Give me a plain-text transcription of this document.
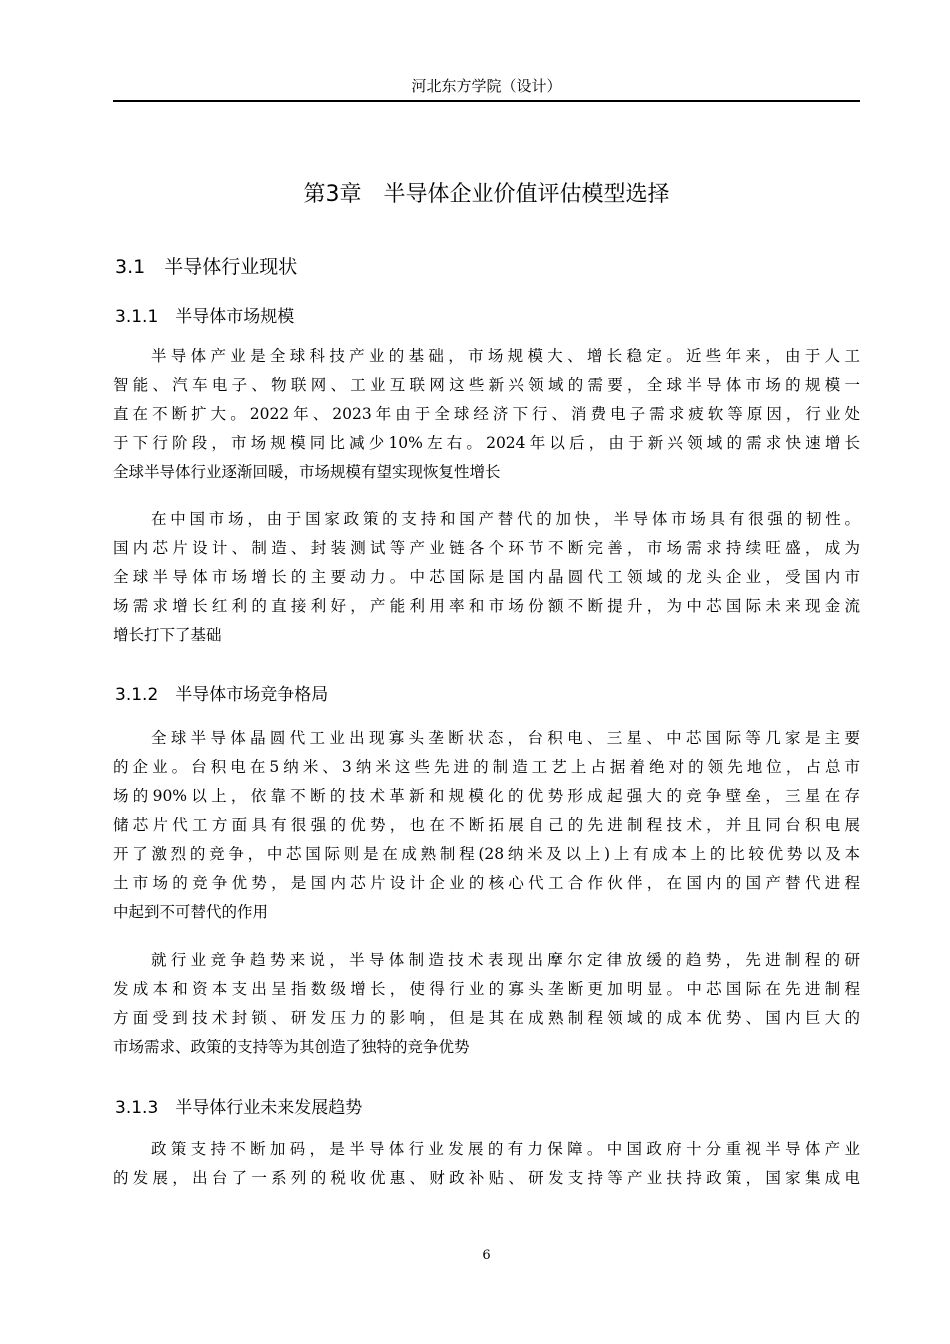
河北东方学院（设计）
第3章　半导体企业价值评估模型选择
3.1　半导体行业现状
3.1.1　半导体市场规模
半导体产业是全球科技产业的基础，市场规模大、增长稳定。近些年来，由于人工
智能、汽车电子、物联网、工业互联网这些新兴领域的需要，全球半导体市场的规模一
直在不断扩大。2022年、2023年由于全球经济下行、消费电子需求疲软等原因，行业处
于下行阶段，市场规模同比减少10%左右。2024年以后，由于新兴领域的需求快速增长
全球半导体行业逐渐回暖，市场规模有望实现恢复性增长
在中国市场，由于国家政策的支持和国产替代的加快，半导体市场具有很强的韧性。
国内芯片设计、制造、封装测试等产业链各个环节不断完善，市场需求持续旺盛，成为
全球半导体市场增长的主要动力。中芯国际是国内晶圆代工领域的龙头企业，受国内市
场需求增长红利的直接利好，产能利用率和市场份额不断提升，为中芯国际未来现金流
增长打下了基础
3.1.2　半导体市场竞争格局
全球半导体晶圆代工业出现寡头垄断状态，台积电、三星、中芯国际等几家是主要
的企业。台积电在5纳米、3纳米这些先进的制造工艺上占据着绝对的领先地位，占总市
场的90%以上，依靠不断的技术革新和规模化的优势形成起强大的竞争壁垒，三星在存
储芯片代工方面具有很强的优势，也在不断拓展自己的先进制程技术，并且同台积电展
开了激烈的竞争，中芯国际则是在成熟制程(28纳米及以上)上有成本上的比较优势以及本
土市场的竞争优势，是国内芯片设计企业的核心代工合作伙伴，在国内的国产替代进程
中起到不可替代的作用
就行业竞争趋势来说，半导体制造技术表现出摩尔定律放缓的趋势，先进制程的研
发成本和资本支出呈指数级增长，使得行业的寡头垄断更加明显。中芯国际在先进制程
方面受到技术封锁、研发压力的影响，但是其在成熟制程领域的成本优势、国内巨大的
市场需求、政策的支持等为其创造了独特的竞争优势
3.1.3　半导体行业未来发展趋势
政策支持不断加码，是半导体行业发展的有力保障。中国政府十分重视半导体产业
的发展，出台了一系列的税收优惠、财政补贴、研发支持等产业扶持政策，国家集成电
6
